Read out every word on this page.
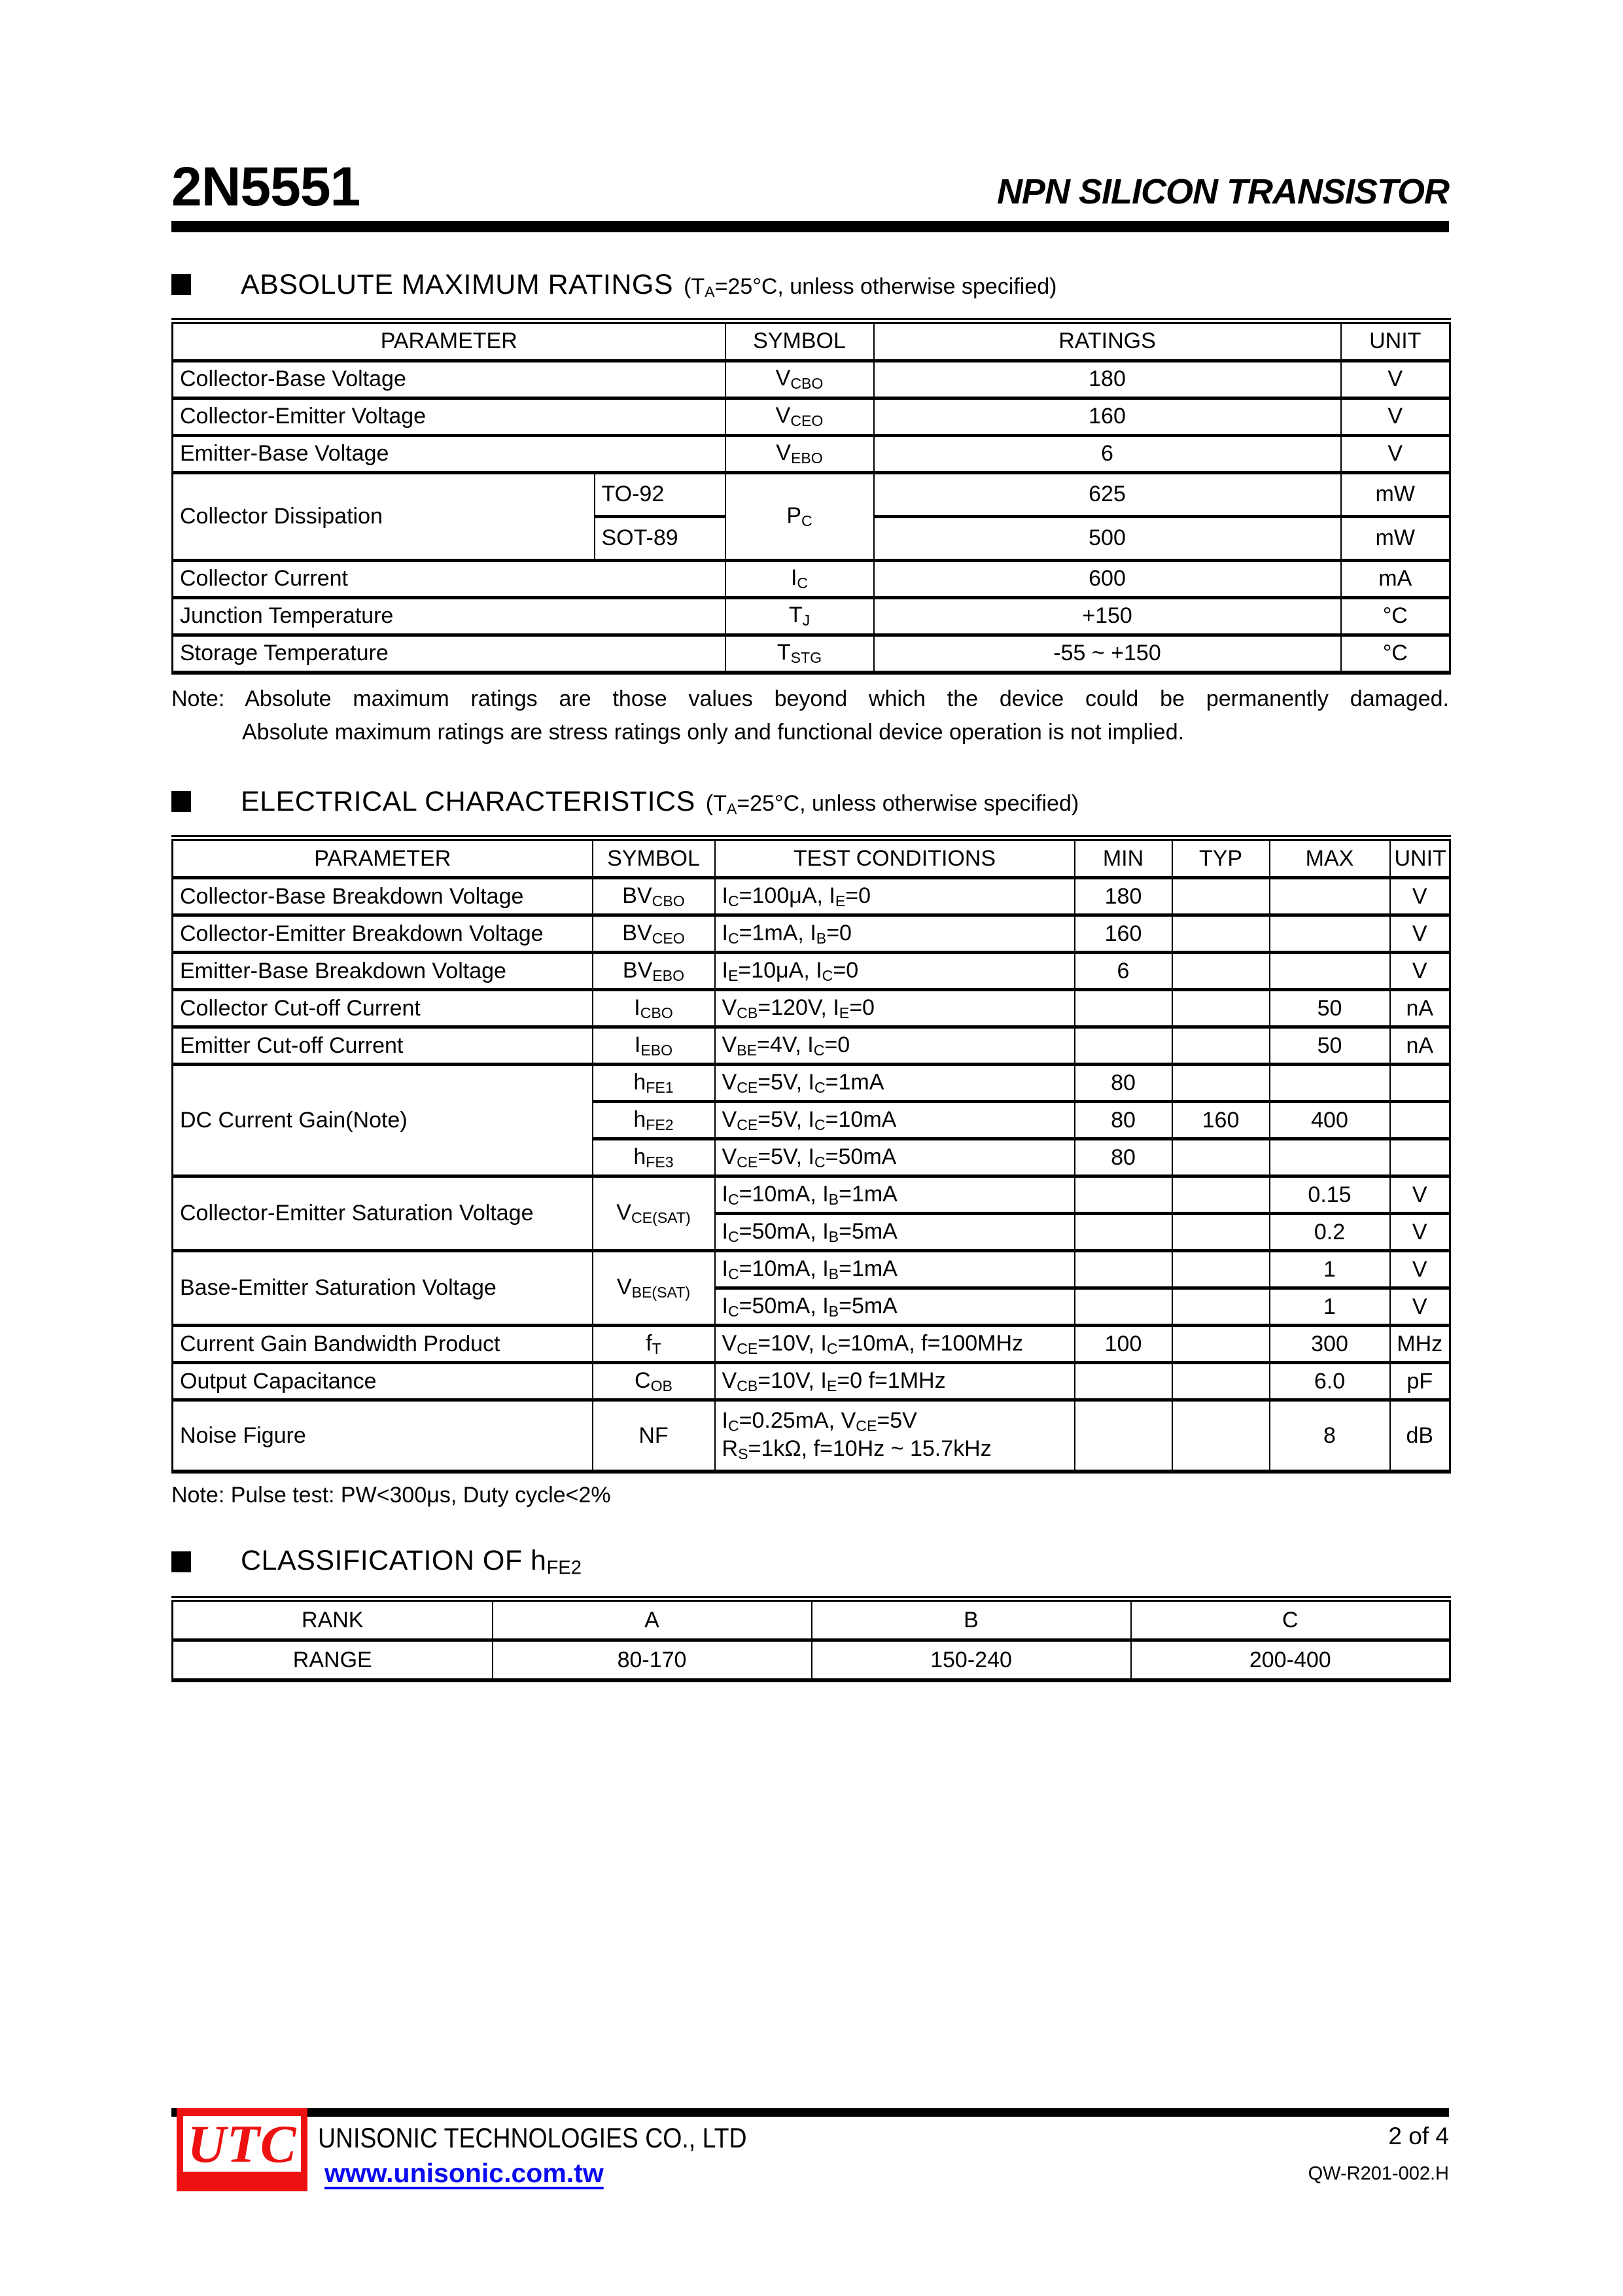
2N5551	NPN SILICON TRANSISTOR
ABSOLUTE MAXIMUM RATINGS ($T_A=25^\circ C$, unless otherwise specified)
PARAMETER		SYMBOL	RATINGS	UNIT
Collector-Base Voltage		$V_{CBO}$	180	V
Collector-Emitter Voltage		$V_{CEO}$	160	V
Emitter-Base Voltage		$V_{EBO}$	6	V
Collector Dissipation	TO-92	$P_C$	625	mW
	SOT-89		500	mW
Collector Current		$I_C$	600	mA
Junction Temperature		$T_J$	+150	°C
Storage Temperature		$T_{STG}$	-55 ~ +150	°C
Note: Absolute maximum ratings are those values beyond which the device could be permanently damaged.
Absolute maximum ratings are stress ratings only and functional device operation is not implied.
ELECTRICAL CHARACTERISTICS ($T_A=25^\circ C$, unless otherwise specified)
PARAMETER	SYMBOL	TEST CONDITIONS	MIN	TYP	MAX	UNIT
Collector-Base Breakdown Voltage	$BV_{CBO}$	$I_C=100\mu A$, $I_E=0$	180			V
Collector-Emitter Breakdown Voltage	$BV_{CEO}$	$I_C=1mA$, $I_B=0$	160			V
Emitter-Base Breakdown Voltage	$BV_{EBO}$	$I_E=10\mu A$, $I_C=0$	6			V
Collector Cut-off Current	$I_{CBO}$	$V_{CB}=120V$, $I_E=0$			50	nA
Emitter Cut-off Current	$I_{EBO}$	$V_{BE}=4V$, $I_C=0$			50	nA
DC Current Gain(Note)	$h_{FE1}$	$V_{CE}=5V$, $I_C=1mA$	80			
	$h_{FE2}$	$V_{CE}=5V$, $I_C=10mA$	80	160	400	
	$h_{FE3}$	$V_{CE}=5V$, $I_C=50mA$	80			
Collector-Emitter Saturation Voltage	$V_{CE(SAT)}$	$I_C=10mA$, $I_B=1mA$			0.15	V
		$I_C=50mA$, $I_B=5mA$			0.2	V
Base-Emitter Saturation Voltage	$V_{BE(SAT)}$	$I_C=10mA$, $I_B=1mA$			1	V
		$I_C=50mA$, $I_B=5mA$			1	V
Current Gain Bandwidth Product	$f_T$	$V_{CE}=10V$, $I_C=10mA$, f=100MHz	100		300	MHz
Output Capacitance	$C_{OB}$	$V_{CB}=10V$, $I_E=0$ f=1MHz			6.0	pF
Noise Figure	NF	$I_C=0.25mA$, $V_{CE}=5V$
$R_S=1k\Omega$, f=10Hz ~ 15.7kHz			8	dB
Note: Pulse test: PW<300μs, Duty cycle<2%
CLASSIFICATION OF $h_{FE2}$
RANK	A	B	C
RANGE	80-170	150-240	200-400
UTC UNISONIC TECHNOLOGIES CO., LTD
www.unisonic.com.tw
2 of 4
QW-R201-002.H
